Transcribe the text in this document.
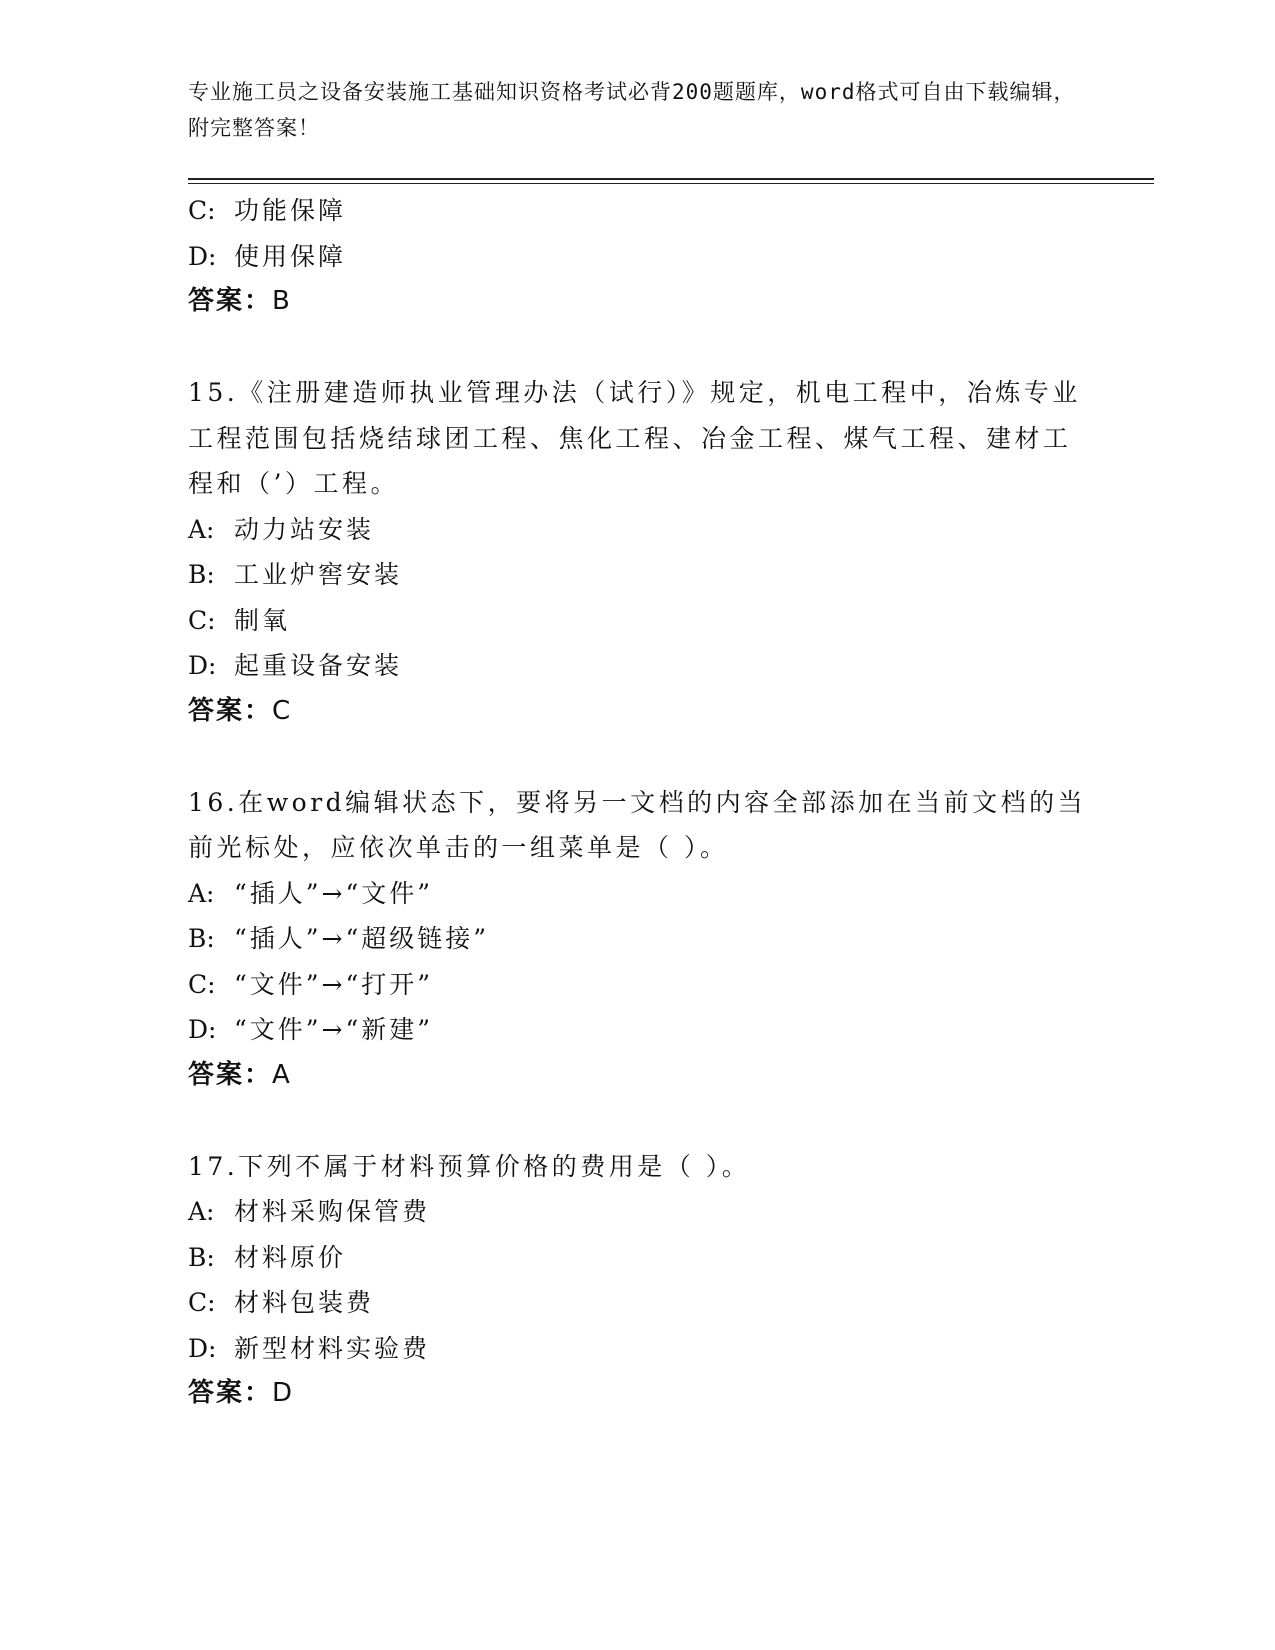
专业施工员之设备安装施工基础知识资格考试必背200题题库，word格式可自由下载编辑，附完整答案！
C: 功能保障
D: 使用保障
答案：B
15.《注册建造师执业管理办法（试行）》规定，机电工程中，冶炼专业工程范围包括烧结球团工程、焦化工程、冶金工程、煤气工程、建材工程和（’）工程。
A: 动力站安装
B: 工业炉窖安装
C: 制氧
D: 起重设备安装
答案：C
16.在word编辑状态下，要将另一文档的内容全部添加在当前文档的当前光标处，应依次单击的一组菜单是（ ）。
A: “插人”→“文件”
B: “插人”→“超级链接”
C: “文件”→“打开”
D: “文件”→“新建”
答案：A
17.下列不属于材料预算价格的费用是（ ）。
A: 材料采购保管费
B: 材料原价
C: 材料包装费
D: 新型材料实验费
答案：D
